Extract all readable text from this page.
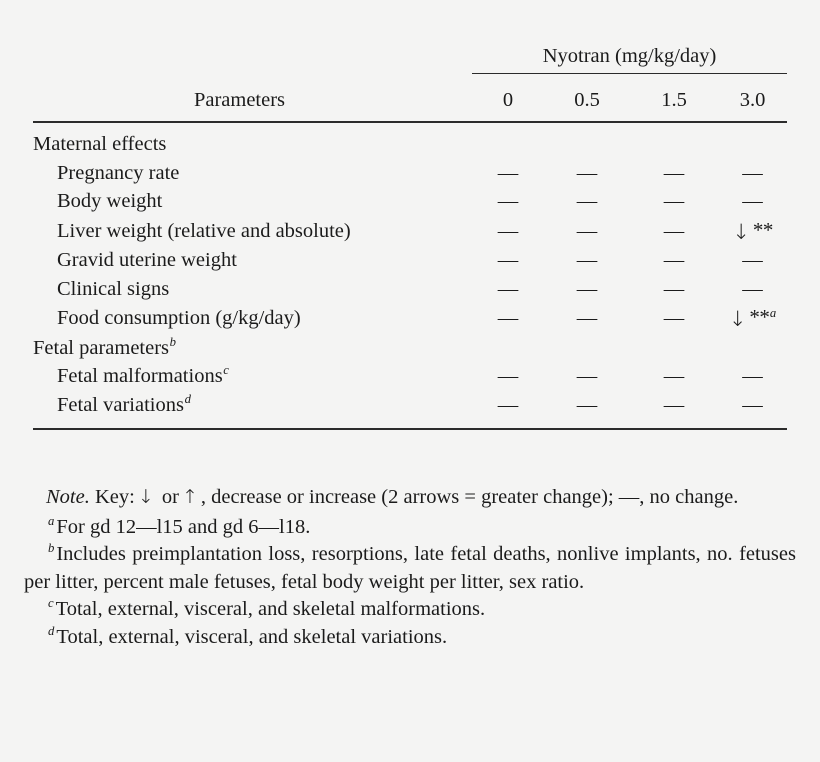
	Nyotran (mg/kg/day)			

Parameters	0	0.5	1.5	3.0

Maternal effects				
Pregnancy rate	—	—	—	—
Body weight	—	—	—	—
Liver weight (relative and absolute)	—	—	—	↓ **
Gravid uterine weight	—	—	—	—
Clinical signs	—	—	—	—
Food consumption (g/kg/day)	—	—	—	↓ **$^a$
Fetal parameters$^b$				
Fetal malformations$^c$	—	—	—	—
Fetal variations$^d$	—	—	—	—

Note. Key: ↓ or ↑ , decrease or increase (2 arrows = greater change); —, no change.

$^a$For gd 12—l15 and gd 6—l18.

$^b$Includes preimplantation loss, resorptions, late fetal deaths, nonlive implants, no. fetuses per litter, percent male fetuses, fetal body weight per litter, sex ratio.

$^c$Total, external, visceral, and skeletal malformations.

$^d$Total, external, visceral, and skeletal variations.
